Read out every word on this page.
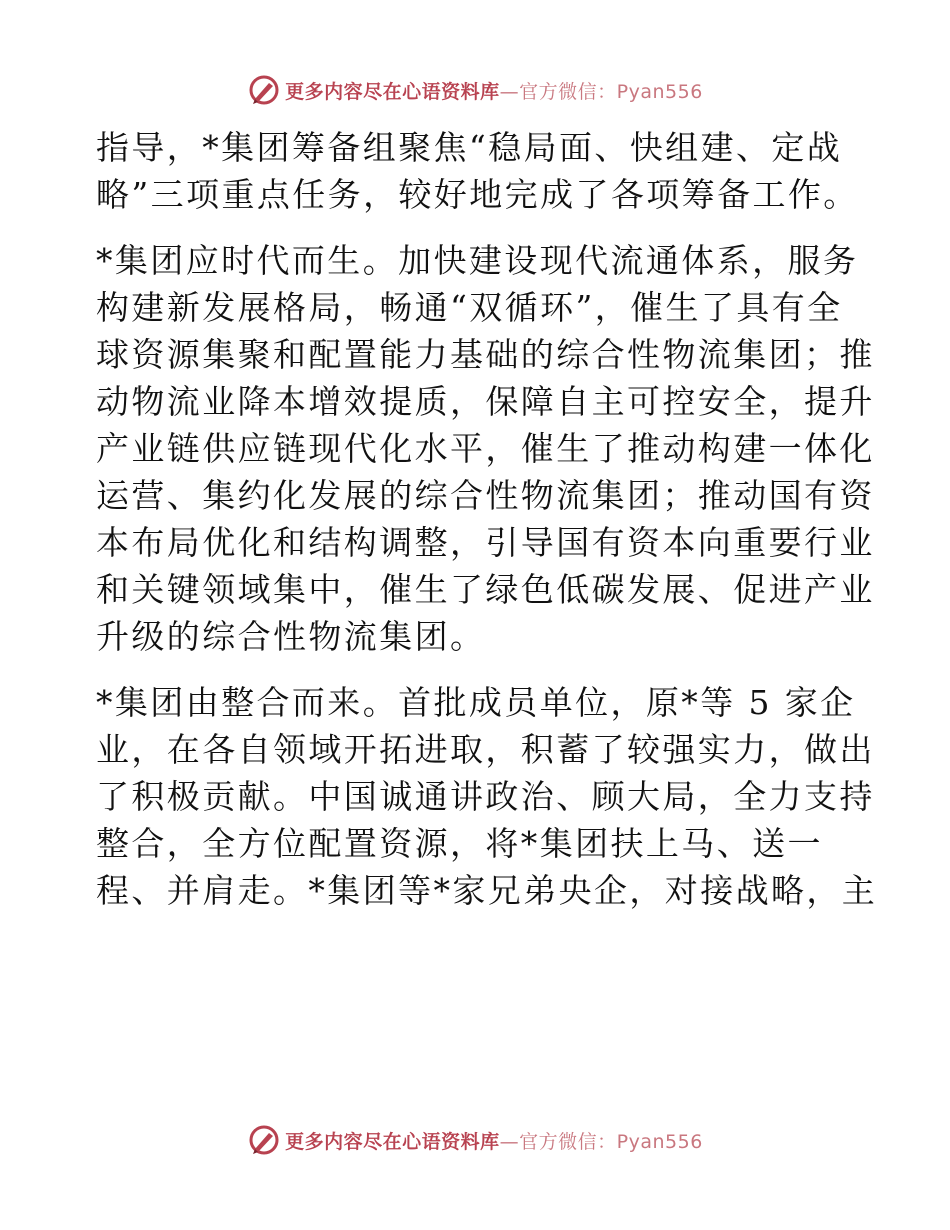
更多内容尽在心语资料库—官方微信：Pyan556
指导，*集团筹备组聚焦“稳局面、快组建、定战
略”三项重点任务，较好地完成了各项筹备工作。
*集团应时代而生。加快建设现代流通体系，服务
构建新发展格局，畅通“双循环”，催生了具有全
球资源集聚和配置能力基础的综合性物流集团；推
动物流业降本增效提质，保障自主可控安全，提升
产业链供应链现代化水平，催生了推动构建一体化
运营、集约化发展的综合性物流集团；推动国有资
本布局优化和结构调整，引导国有资本向重要行业
和关键领域集中，催生了绿色低碳发展、促进产业
升级的综合性物流集团。
*集团由整合而来。首批成员单位，原*等 5 家企
业，在各自领域开拓进取，积蓄了较强实力，做出
了积极贡献。中国诚通讲政治、顾大局，全力支持
整合，全方位配置资源，将*集团扶上马、送一
程、并肩走。*集团等*家兄弟央企，对接战略，主
更多内容尽在心语资料库—官方微信：Pyan556
